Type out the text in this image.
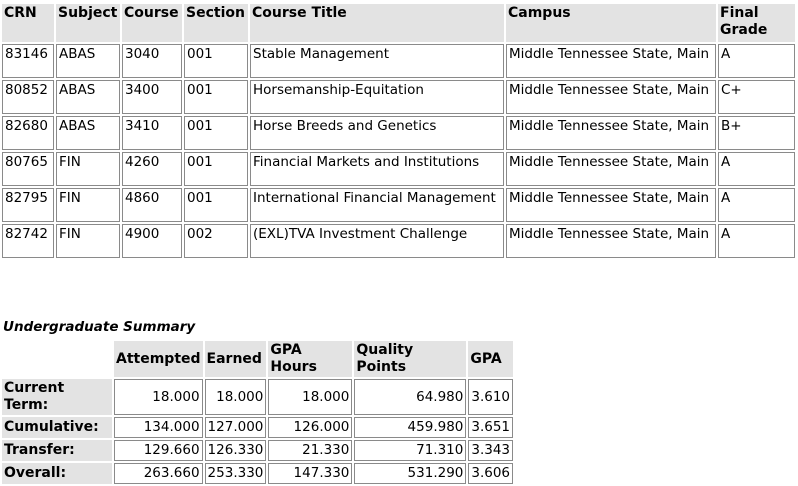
CRN	Subject	Course	Section	Course Title	Campus	Final Grade
83146	ABAS	3040	001	Stable Management	Middle Tennessee State, Main	A
80852	ABAS	3400	001	Horsemanship-Equitation	Middle Tennessee State, Main	C+
82680	ABAS	3410	001	Horse Breeds and Genetics	Middle Tennessee State, Main	B+
80765	FIN	4260	001	Financial Markets and Institutions	Middle Tennessee State, Main	A
82795	FIN	4860	001	International Financial Management	Middle Tennessee State, Main	A
82742	FIN	4900	002	(EXL)TVA Investment Challenge	Middle Tennessee State, Main	A
Undergraduate Summary
	Attempted	Earned	GPA Hours	Quality Points	GPA
Current Term:	18.000	18.000	18.000	64.980	3.610
Cumulative:	134.000	127.000	126.000	459.980	3.651
Transfer:	129.660	126.330	21.330	71.310	3.343
Overall:	263.660	253.330	147.330	531.290	3.606
